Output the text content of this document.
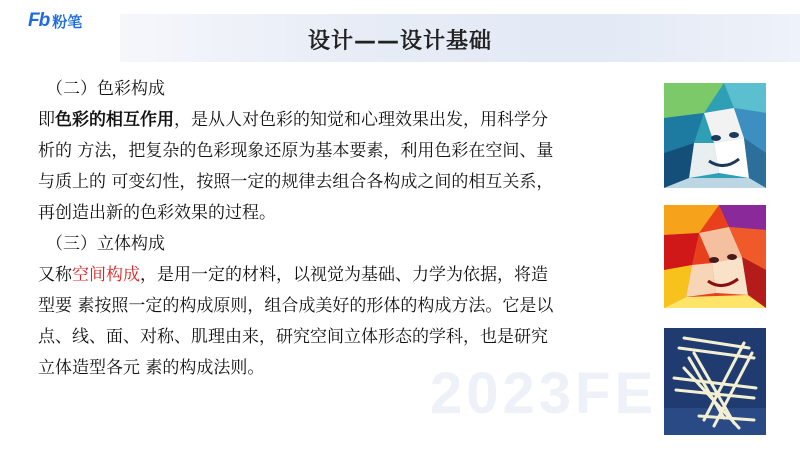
2023FE
Fb 粉笔
设计——设计基础

（二）色彩构成

即色彩的相互作用，是从人对色彩的知觉和心理效果出发，用科学分

析的 方法，把复杂的色彩现象还原为基本要素，利用色彩在空间、量

与质上的 可变幻性，按照一定的规律去组合各构成之间的相互关系，

再创造出新的色彩效果的过程。

（三）立体构成

又称空间构成，是用一定的材料，以视觉为基础、力学为依据，将造

型要 素按照一定的构成原则，组合成美好的形体的构成方法。它是以

点、线、面、对称、肌理由来，研究空间立体形态的学科，也是研究

立体造型各元 素的构成法则。
